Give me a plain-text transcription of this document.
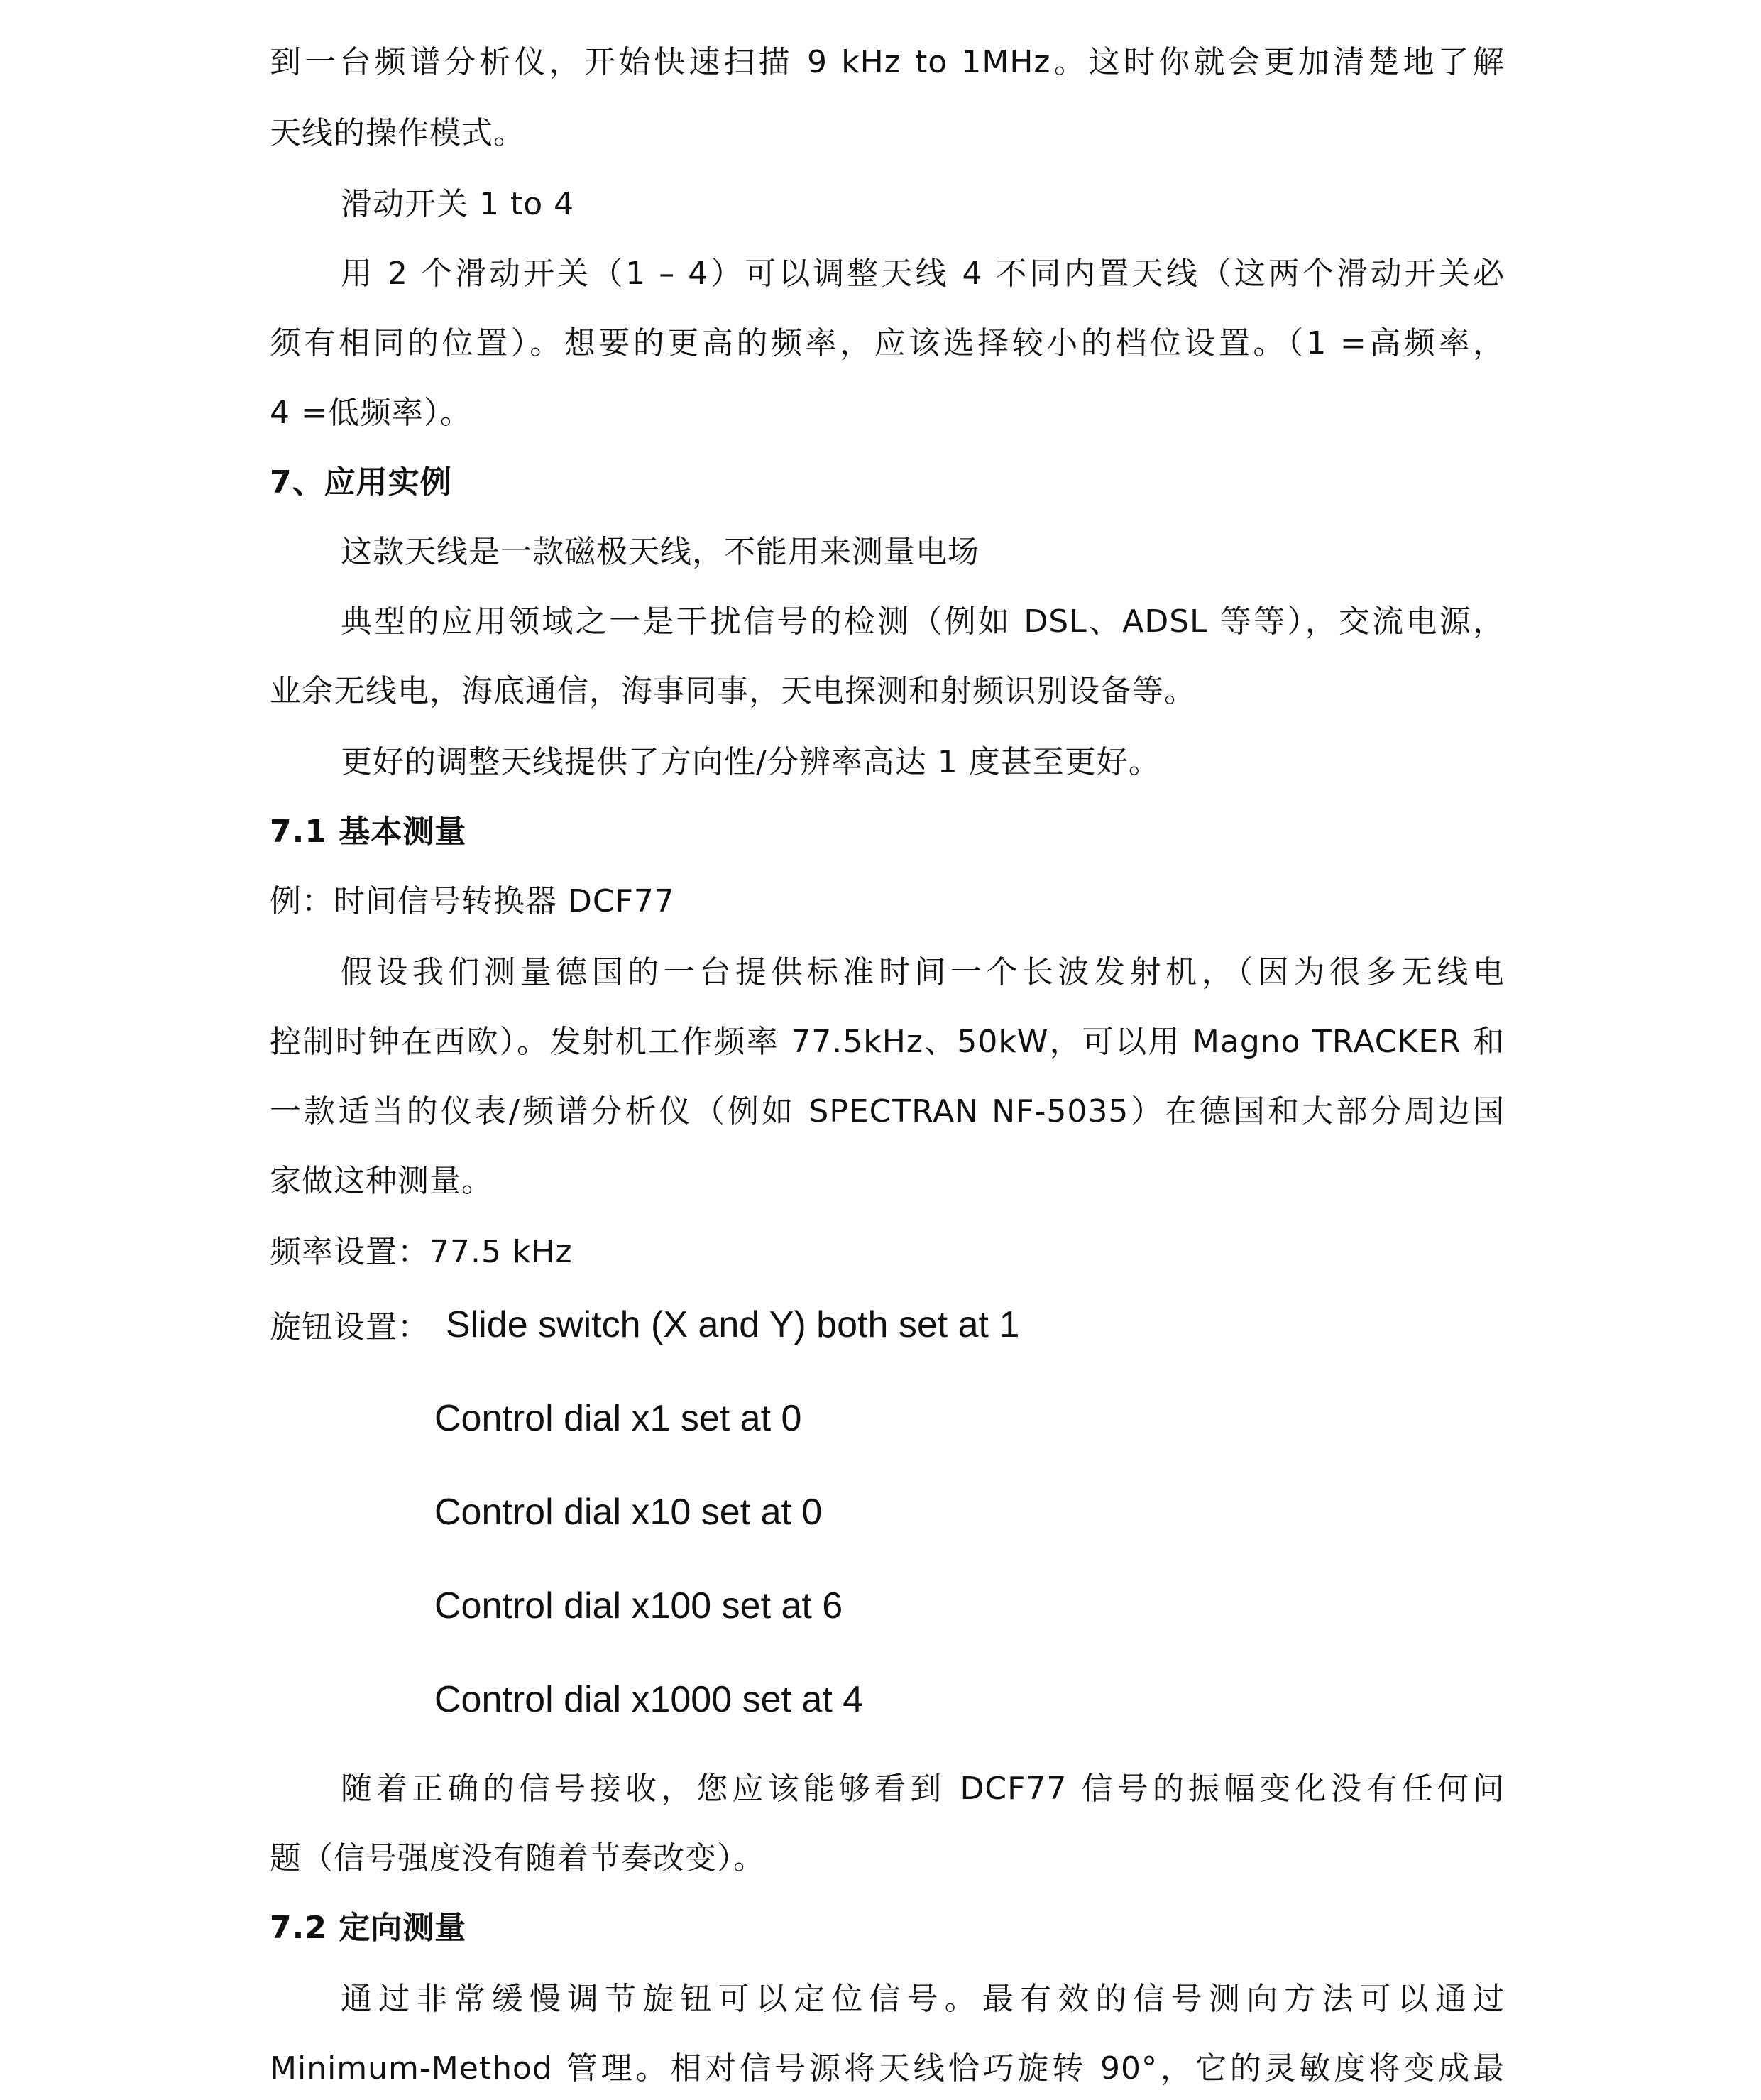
到一台频谱分析仪，开始快速扫描 9 kHz to 1MHz。这时你就会更加清楚地了解
天线的操作模式。
滑动开关 1 to 4
用 2 个滑动开关（1 – 4）可以调整天线 4 不同内置天线（这两个滑动开关必
须有相同的位置）。想要的更高的频率，应该选择较小的档位设置。（1 =高频率，
4 =低频率）。
7、应用实例
这款天线是一款磁极天线，不能用来测量电场
典型的应用领域之一是干扰信号的检测（例如 DSL、ADSL 等等），交流电源，
业余无线电，海底通信，海事同事，天电探测和射频识别设备等。
更好的调整天线提供了方向性/分辨率高达 1 度甚至更好。
7.1 基本测量
例：时间信号转换器 DCF77
假设我们测量德国的一台提供标准时间一个长波发射机，（因为很多无线电
控制时钟在西欧）。发射机工作频率 77.5kHz、50kW，可以用 Magno TRACKER 和
一款适当的仪表/频谱分析仪（例如 SPECTRAN NF-5035）在德国和大部分周边国
家做这种测量。
频率设置：77.5 kHz
旋钮设置： Slide switch (X and Y) both set at 1
Control dial x1 set at 0
Control dial x10 set at 0
Control dial x100 set at 6
Control dial x1000 set at 4
随着正确的信号接收，您应该能够看到 DCF77 信号的振幅变化没有任何问
题（信号强度没有随着节奏改变）。
7.2 定向测量
通过非常缓慢调节旋钮可以定位信号。最有效的信号测向方法可以通过
Minimum-Method 管理。相对信号源将天线恰巧旋转 90°，它的灵敏度将变成最
